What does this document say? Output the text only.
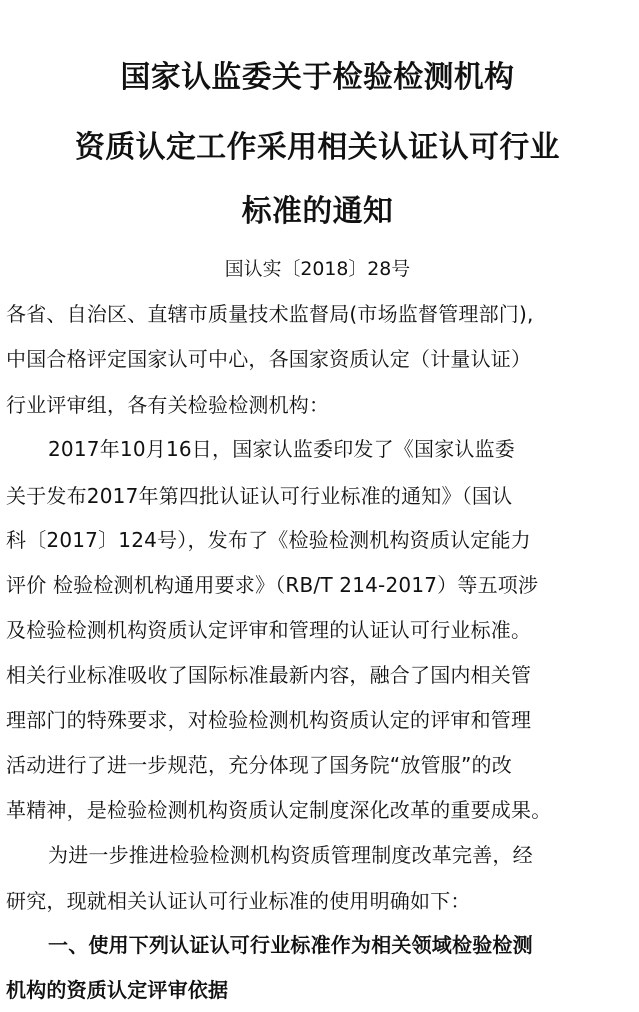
国家认监委关于检验检测机构
资质认定工作采用相关认证认可行业
标准的通知
国认实〔2018〕28号
各省、自治区、直辖市质量技术监督局(市场监督管理部门),
中国合格评定国家认可中心，各国家资质认定（计量认证）
行业评审组，各有关检验检测机构：
2017年10月16日，国家认监委印发了《国家认监委
关于发布2017年第四批认证认可行业标准的通知》（国认
科〔2017〕124号），发布了《检验检测机构资质认定能力
评价 检验检测机构通用要求》（RB/T 214-2017）等五项涉
及检验检测机构资质认定评审和管理的认证认可行业标准。
相关行业标准吸收了国际标准最新内容，融合了国内相关管
理部门的特殊要求，对检验检测机构资质认定的评审和管理
活动进行了进一步规范，充分体现了国务院“放管服”的改
革精神，是检验检测机构资质认定制度深化改革的重要成果。
为进一步推进检验检测机构资质管理制度改革完善，经
研究，现就相关认证认可行业标准的使用明确如下：
一、使用下列认证认可行业标准作为相关领域检验检测
机构的资质认定评审依据
